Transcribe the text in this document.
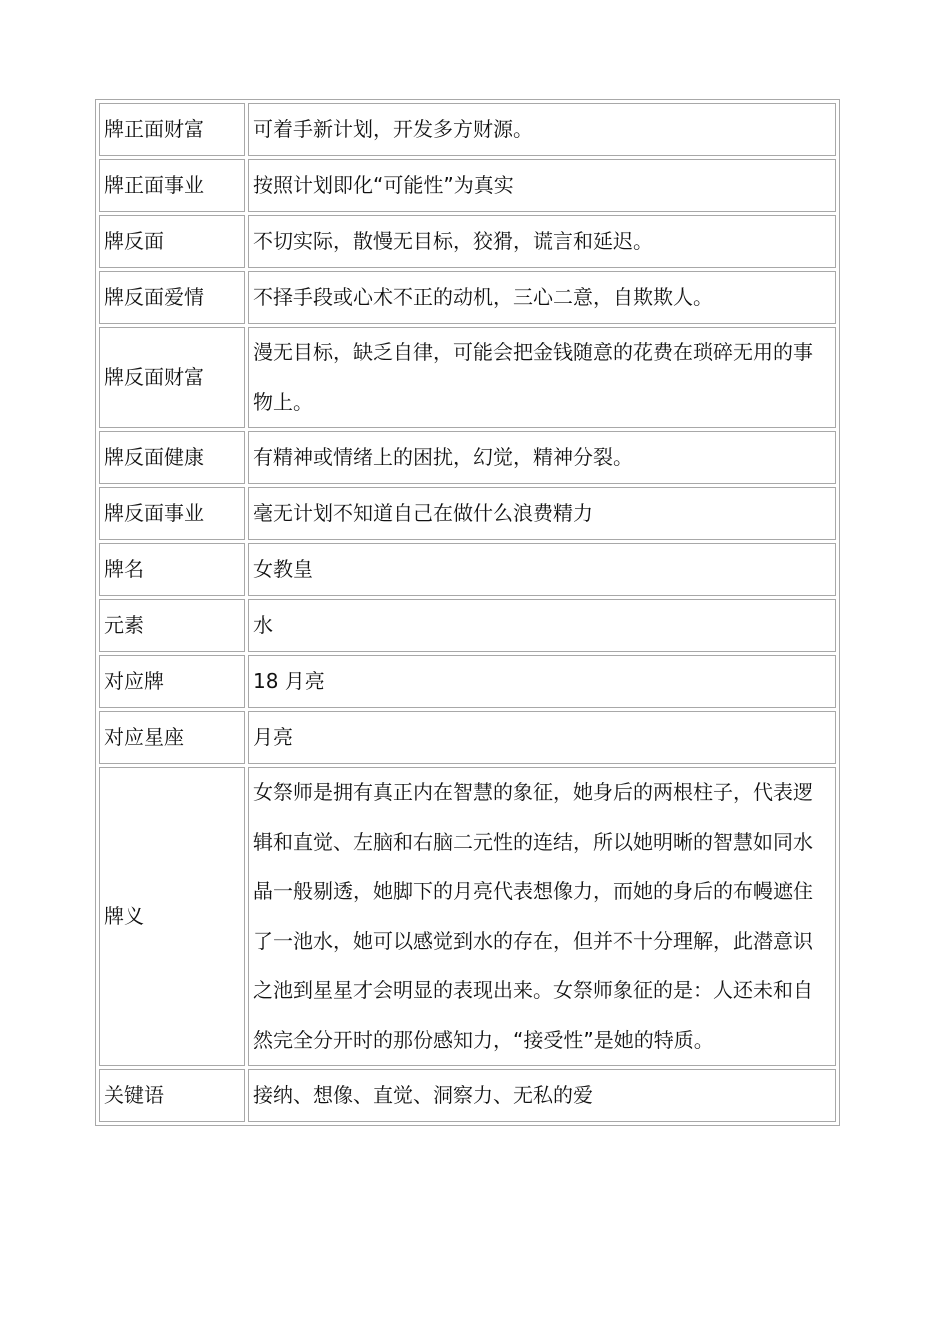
牌正面财富	可着手新计划，开发多方财源。
牌正面事业	按照计划即化“可能性”为真实
牌反面	不切实际，散慢无目标，狡猾，谎言和延迟。
牌反面爱情	不择手段或心术不正的动机，三心二意，自欺欺人。
牌反面财富	漫无目标，缺乏自律，可能会把金钱随意的花费在琐碎无用的事物上。
牌反面健康	有精神或情绪上的困扰，幻觉，精神分裂。
牌反面事业	毫无计划不知道自己在做什么浪费精力
牌名	女教皇
元素	水
对应牌	18 月亮
对应星座	月亮
牌义	女祭师是拥有真正内在智慧的象征，她身后的两根柱子，代表逻辑和直觉、左脑和右脑二元性的连结，所以她明晰的智慧如同水晶一般剔透，她脚下的月亮代表想像力，而她的身后的布幔遮住了一池水，她可以感觉到水的存在，但并不十分理解，此潜意识之池到星星才会明显的表现出来。女祭师象征的是：人还未和自然完全分开时的那份感知力，“接受性”是她的特质。
关键语	接纳、想像、直觉、洞察力、无私的爱
